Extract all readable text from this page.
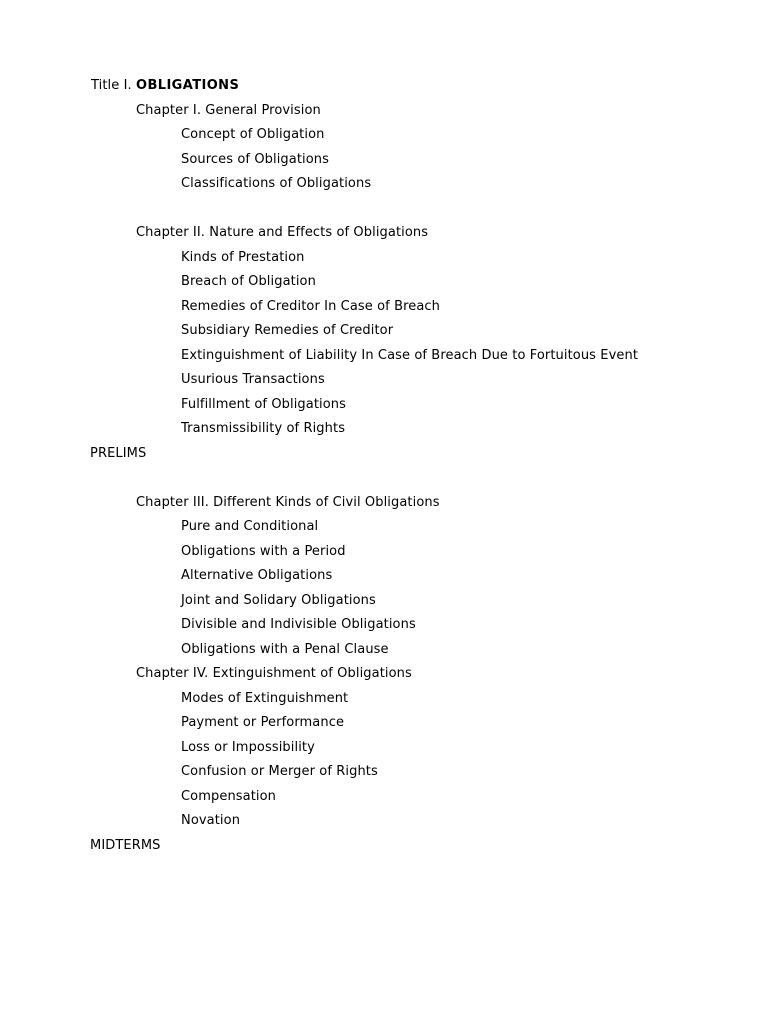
Title I. OBLIGATIONS
Chapter I. General Provision
Concept of Obligation
Sources of Obligations
Classifications of Obligations
Chapter II. Nature and Effects of Obligations
Kinds of Prestation
Breach of Obligation
Remedies of Creditor In Case of Breach
Subsidiary Remedies of Creditor
Extinguishment of Liability In Case of Breach Due to Fortuitous Event
Usurious Transactions
Fulfillment of Obligations
Transmissibility of Rights
PRELIMS
Chapter III. Different Kinds of Civil Obligations
Pure and Conditional
Obligations with a Period
Alternative Obligations
Joint and Solidary Obligations
Divisible and Indivisible Obligations
Obligations with a Penal Clause
Chapter IV. Extinguishment of Obligations
Modes of Extinguishment
Payment or Performance
Loss or Impossibility
Confusion or Merger of Rights
Compensation
Novation
MIDTERMS
